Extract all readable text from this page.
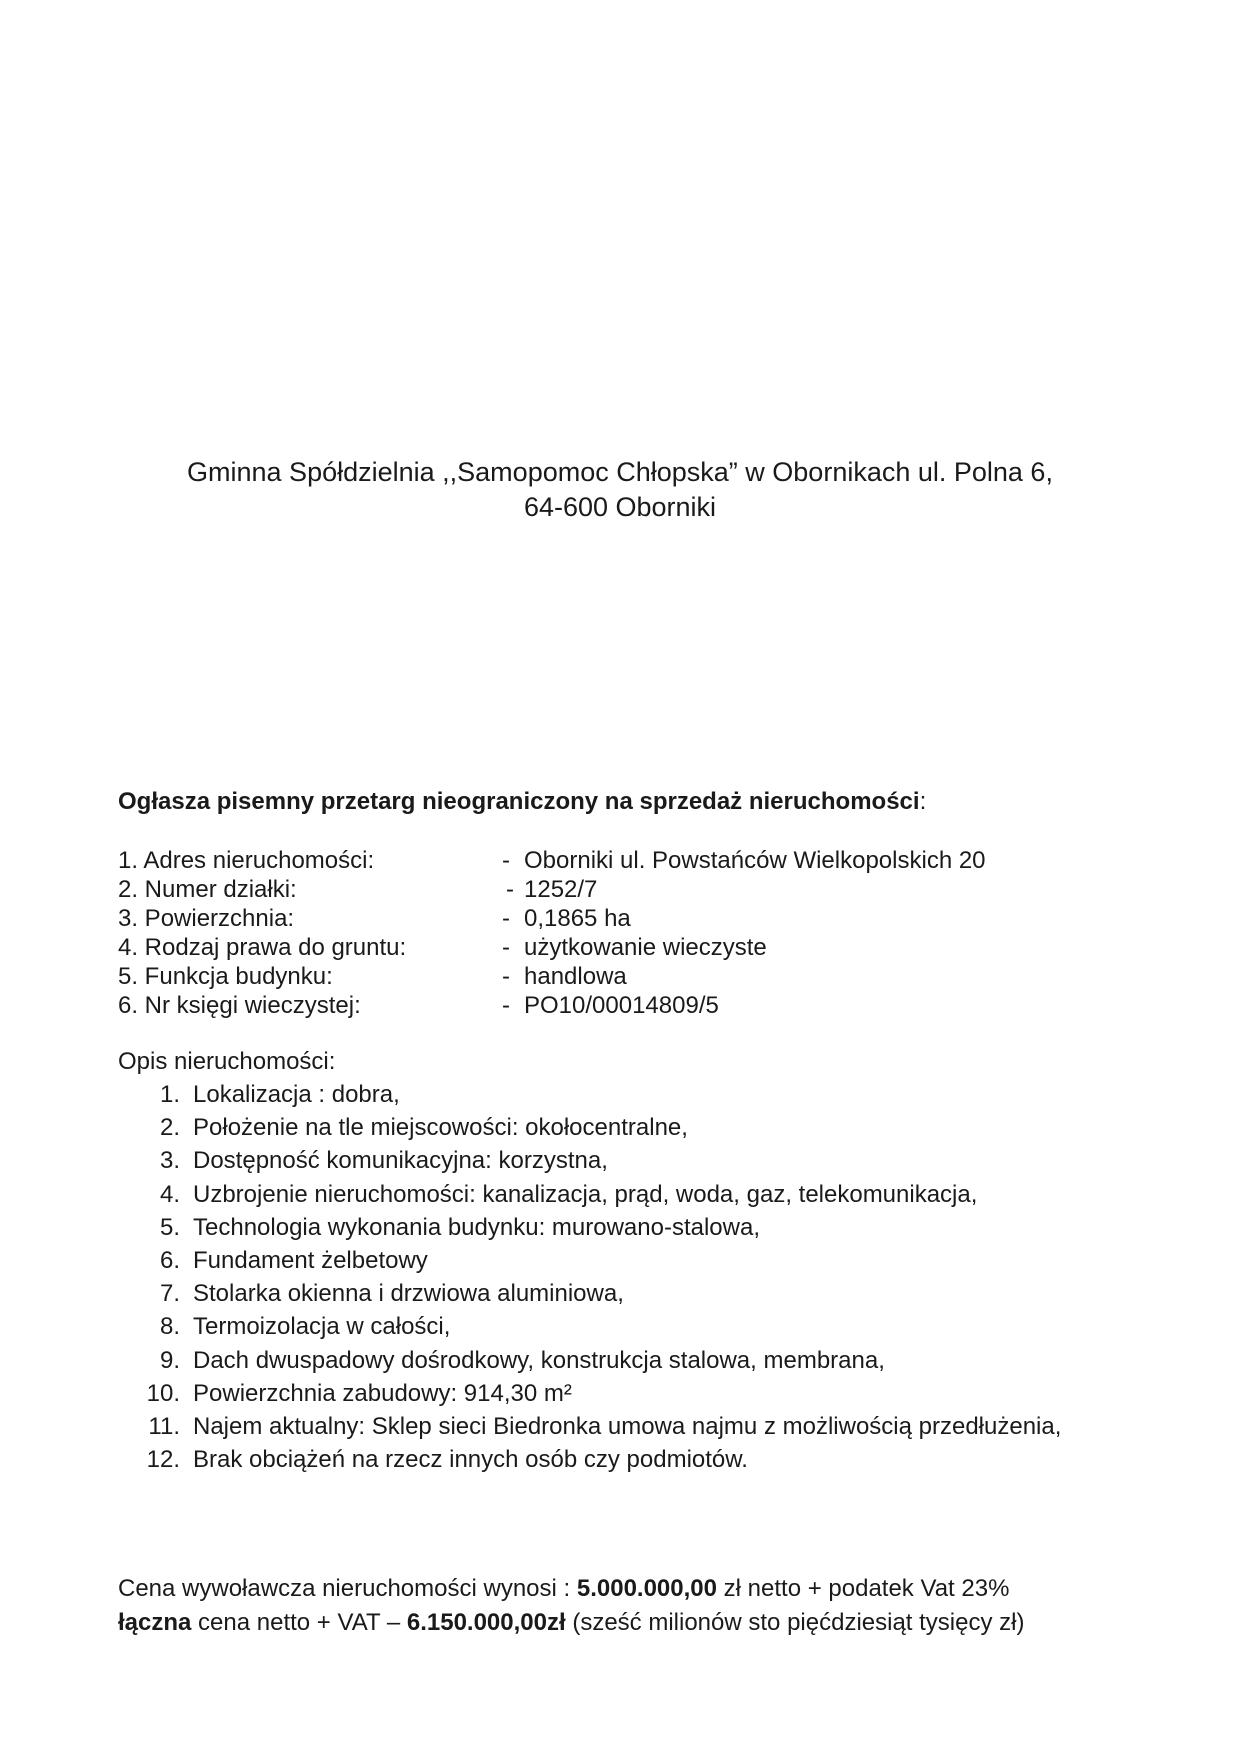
Gminna Spółdzielnia ,,Samopomoc Chłopska” w Obornikach ul. Polna 6,
64-600 Oborniki
Ogłasza pisemny przetarg nieograniczony na sprzedaż nieruchomości:
1. Adres nieruchomości:	- Oborniki ul. Powstańców Wielkopolskich 20
2. Numer działki:	- 1252/7
3. Powierzchnia:	- 0,1865 ha
4. Rodzaj prawa do gruntu:	- użytkowanie wieczyste
5. Funkcja budynku:	- handlowa
6. Nr księgi wieczystej:	- PO10/00014809/5
Opis nieruchomości:
1. Lokalizacja : dobra,
2. Położenie na tle miejscowości: okołocentralne,
3. Dostępność komunikacyjna: korzystna,
4. Uzbrojenie nieruchomości: kanalizacja, prąd, woda, gaz, telekomunikacja,
5. Technologia wykonania budynku: murowano-stalowa,
6. Fundament żelbetowy
7. Stolarka okienna i drzwiowa aluminiowa,
8. Termoizolacja w całości,
9. Dach dwuspadowy dośrodkowy, konstrukcja stalowa, membrana,
10. Powierzchnia zabudowy: 914,30 m²
11. Najem aktualny: Sklep sieci Biedronka umowa najmu z możliwością przedłużenia,
12. Brak obciążeń na rzecz innych osób czy podmiotów.
Cena wywoławcza nieruchomości wynosi : 5.000.000,00 zł netto + podatek Vat 23%
łączna cena netto + VAT – 6.150.000,00zł (sześć milionów sto pięćdziesiąt tysięcy zł)
